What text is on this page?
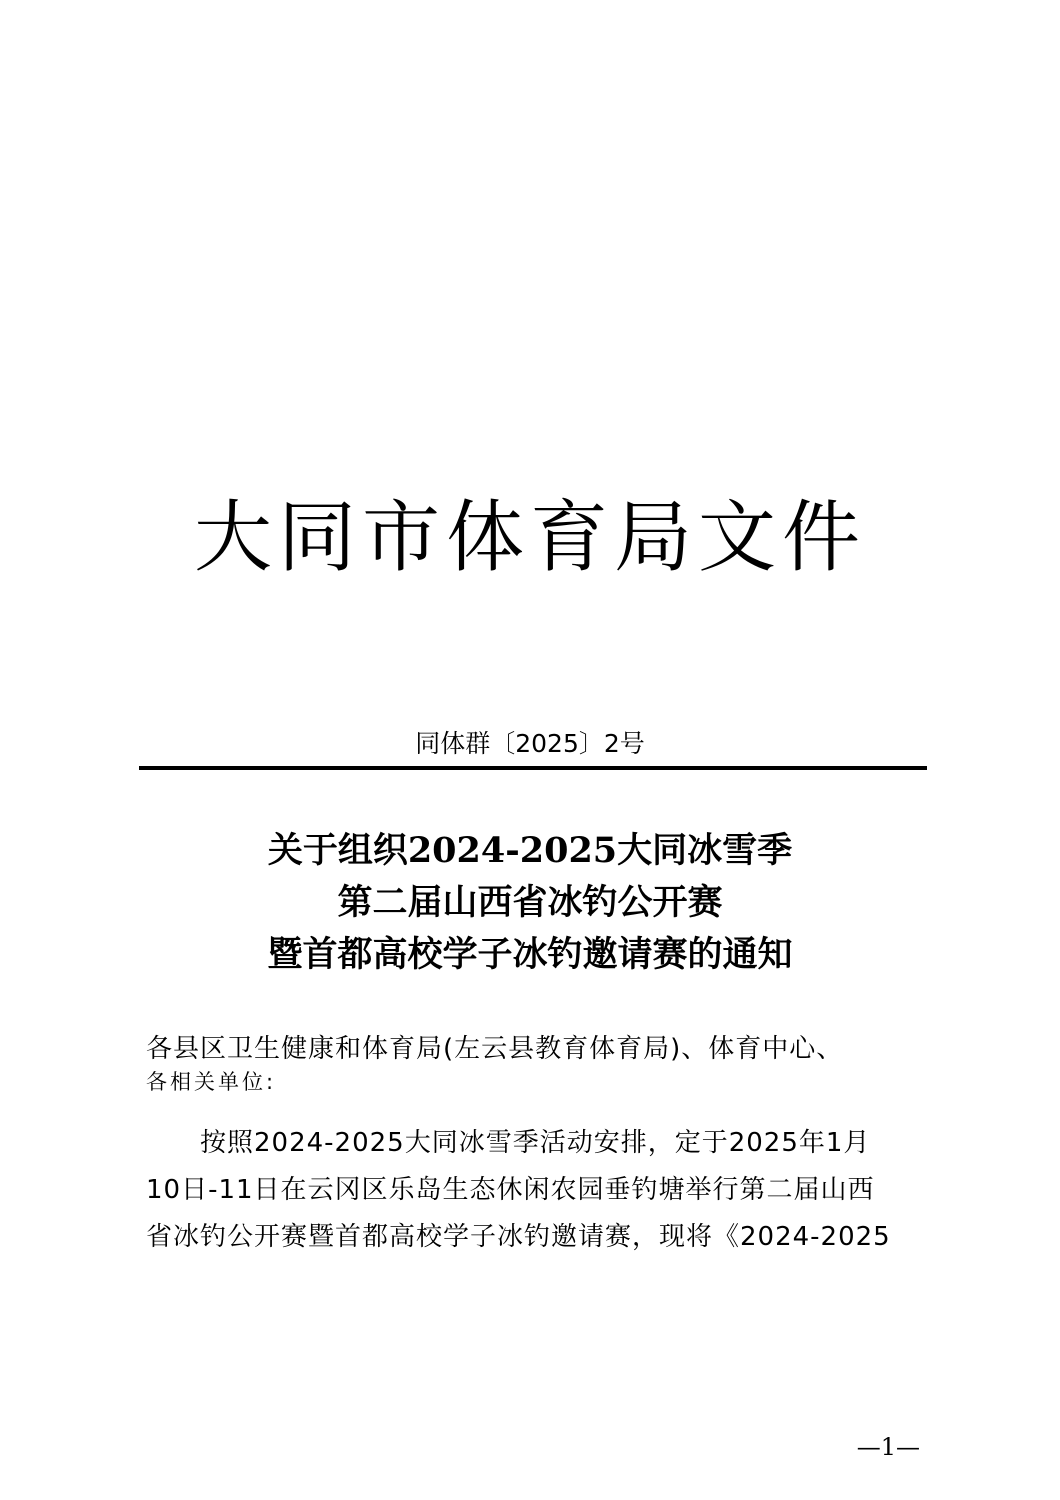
大同市体育局文件
同体群〔2025〕2号
关于组织2024-2025大同冰雪季
第二届山西省冰钓公开赛
暨首都高校学子冰钓邀请赛的通知
各县区卫生健康和体育局(左云县教育体育局)、体育中心、
各相关单位:
按照2024-2025大同冰雪季活动安排，定于2025年1月
10日-11日在云冈区乐岛生态休闲农园垂钓塘举行第二届山西
省冰钓公开赛暨首都高校学子冰钓邀请赛，现将《2024-2025
—1—
